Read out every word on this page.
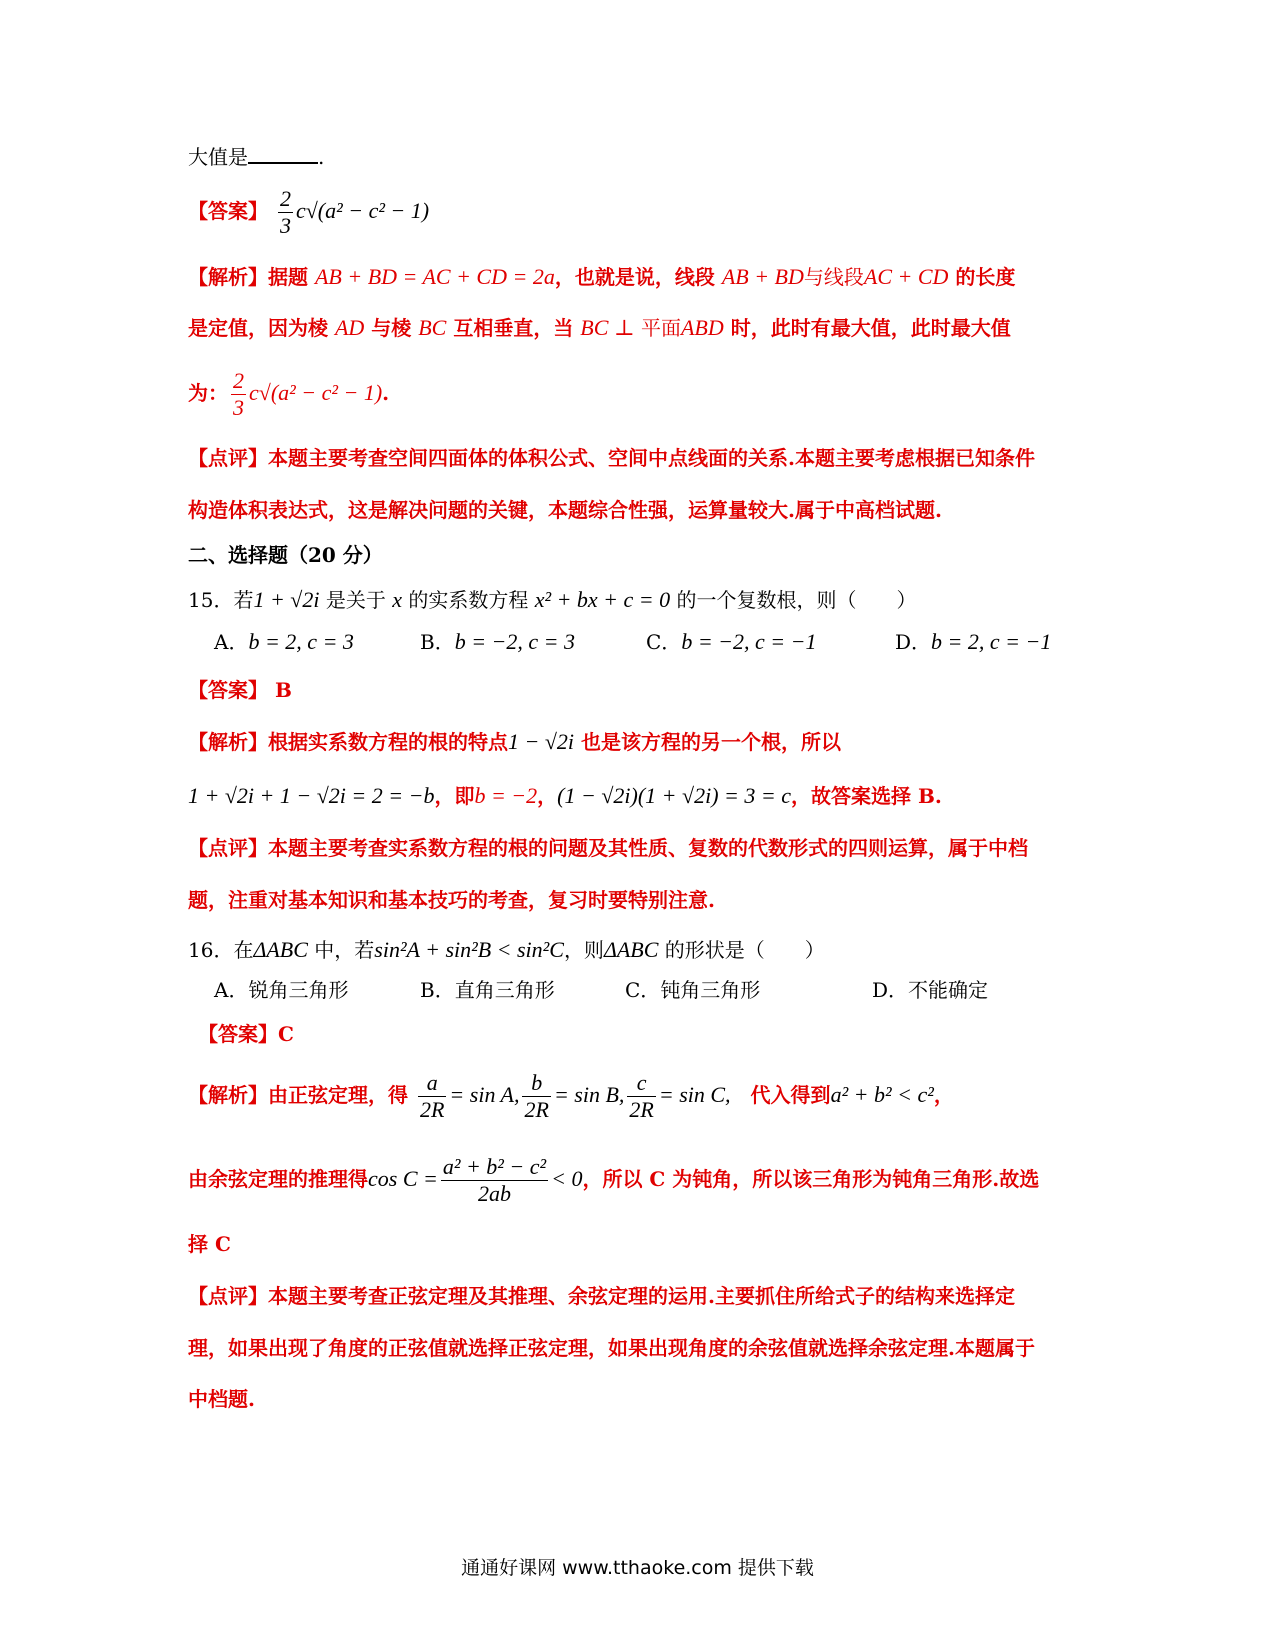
大值是	.
【答案】 $\frac{2}{3} c√(a^2 - c^2 - 1)$
【解析】据题 AB + BD = AC + CD = 2a，也就是说，线段 AB + BD与线段AC + CD 的长度
是定值，因为棱 AD 与棱 BC 互相垂直，当 BC ⊥ 平面ABD 时，此时有最大值，此时最大值
为： $\frac{2}{3} c√(a^2 - c^2 - 1)$.
【点评】本题主要考查空间四面体的体积公式、空间中点线面的关系.本题主要考虑根据已知条件
构造体积表达式，这是解决问题的关键，本题综合性强，运算量较大.属于中高档试题.
二、选择题（20 分）
15．若1 + √2i 是关于 x 的实系数方程 x² + bx + c = 0 的一个复数根，则（　　）
A．b = 2, c = 3	B．b = −2, c = 3	C．b = −2, c = −1	D．b = 2, c = −1
【答案】 B
【解析】根据实系数方程的根的特点1 − √2i 也是该方程的另一个根，所以
1 + √2i + 1 − √2i = 2 = −b，即b = −2，(1 − √2i)(1 + √2i) = 3 = c，故答案选择 B.
【点评】本题主要考查实系数方程的根的问题及其性质、复数的代数形式的四则运算，属于中档
题，注重对基本知识和基本技巧的考查，复习时要特别注意.
16．在ΔABC 中，若sin²A + sin²B < sin²C，则ΔABC 的形状是（　　）
A．锐角三角形	B．直角三角形	C．钝角三角形	D．不能确定
【答案】C
【解析】由正弦定理，得 $\frac{a}{2R} = \sin A$, $\frac{b}{2R} = \sin B$, $\frac{c}{2R} = \sin C$,　代入得到a² + b² < c²，
由余弦定理的推理得$\cos C = \frac{\text{a² + b² − c²}}{2ab} < 0$，所以 C 为钝角，所以该三角形为钝角三角形.故选
择 C
【点评】本题主要考查正弦定理及其推理、余弦定理的运用.主要抓住所给式子的结构来选择定
理，如果出现了角度的正弦值就选择正弦定理，如果出现角度的余弦值就选择余弦定理.本题属于
中档题.
通通好课网 www.tthaoke.com 提供下载
